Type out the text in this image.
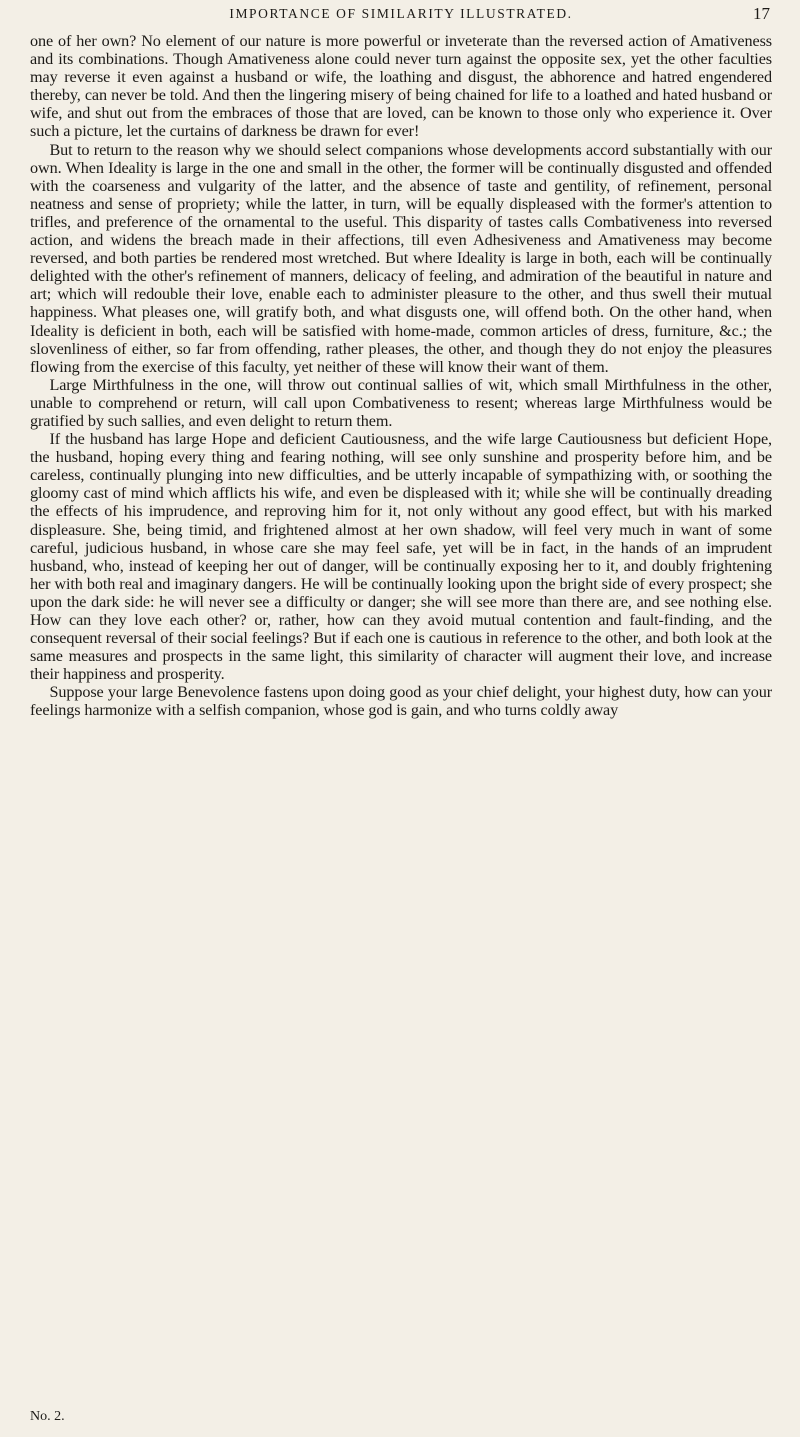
IMPORTANCE OF SIMILARITY ILLUSTRATED.	17

one of her own? No element of our nature is more powerful or inveterate than the reversed action of Amativeness and its combinations. Though Amativeness alone could never turn against the opposite sex, yet the other faculties may reverse it even against a husband or wife, the loathing and disgust, the abhorence and hatred engendered thereby, can never be told. And then the lingering misery of being chained for life to a loathed and hated husband or wife, and shut out from the embraces of those that are loved, can be known to those only who experience it. Over such a picture, let the curtains of darkness be drawn for ever!

But to return to the reason why we should select companions whose developments accord substantially with our own. When Ideality is large in the one and small in the other, the former will be continually disgusted and offended with the coarseness and vulgarity of the latter, and the absence of taste and gentility, of refinement, personal neatness and sense of propriety; while the latter, in turn, will be equally displeased with the former's attention to trifles, and preference of the ornamental to the useful. This disparity of tastes calls Combativeness into reversed action, and widens the breach made in their affections, till even Adhesiveness and Amativeness may become reversed, and both parties be rendered most wretched. But where Ideality is large in both, each will be continually delighted with the other's refinement of manners, delicacy of feeling, and admiration of the beautiful in nature and art; which will redouble their love, enable each to administer pleasure to the other, and thus swell their mutual happiness. What pleases one, will gratify both, and what disgusts one, will offend both. On the other hand, when Ideality is deficient in both, each will be satisfied with home-made, common articles of dress, furniture, &c.; the slovenliness of either, so far from offending, rather pleases, the other, and though they do not enjoy the pleasures flowing from the exercise of this faculty, yet neither of these will know their want of them.

Large Mirthfulness in the one, will throw out continual sallies of wit, which small Mirthfulness in the other, unable to comprehend or return, will call upon Combativeness to resent; whereas large Mirthfulness would be gratified by such sallies, and even delight to return them.

If the husband has large Hope and deficient Cautiousness, and the wife large Cautiousness but deficient Hope, the husband, hoping every thing and fearing nothing, will see only sunshine and prosperity before him, and be careless, continually plunging into new difficulties, and be utterly incapable of sympathizing with, or soothing the gloomy cast of mind which afflicts his wife, and even be displeased with it; while she will be continually dreading the effects of his imprudence, and reproving him for it, not only without any good effect, but with his marked displeasure. She, being timid, and frightened almost at her own shadow, will feel very much in want of some careful, judicious husband, in whose care she may feel safe, yet will be in fact, in the hands of an imprudent husband, who, instead of keeping her out of danger, will be continually exposing her to it, and doubly frightening her with both real and imaginary dangers. He will be continually looking upon the bright side of every prospect; she upon the dark side: he will never see a difficulty or danger; she will see more than there are, and see nothing else. How can they love each other? or, rather, how can they avoid mutual contention and fault-finding, and the consequent reversal of their social feelings? But if each one is cautious in reference to the other, and both look at the same measures and prospects in the same light, this similarity of character will augment their love, and increase their happiness and prosperity.

Suppose your large Benevolence fastens upon doing good as your chief delight, your highest duty, how can your feelings harmonize with a selfish companion, whose god is gain, and who turns coldly away

No. 2.
